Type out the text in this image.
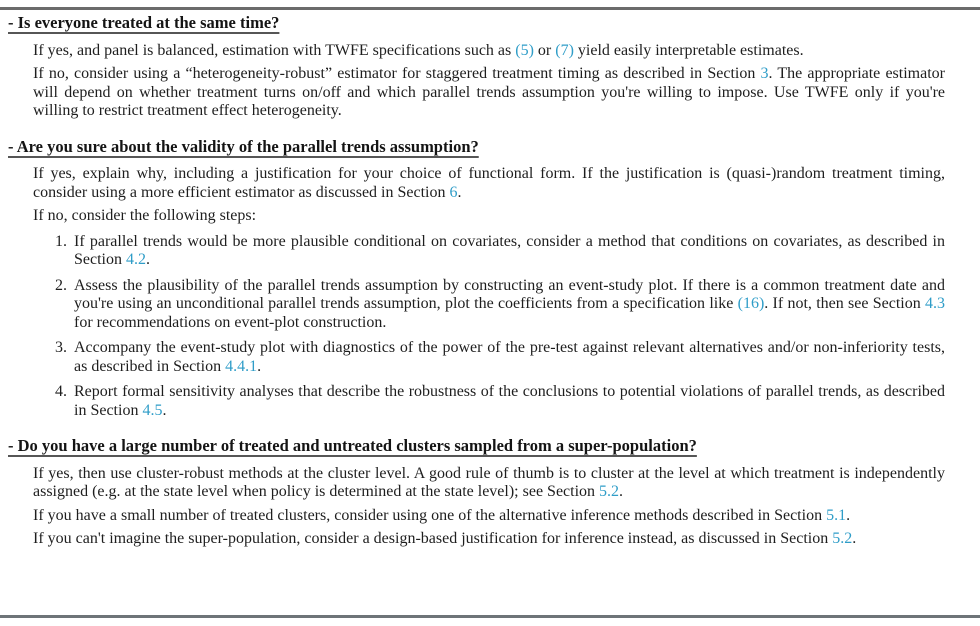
- Is everyone treated at the same time?

If yes, and panel is balanced, estimation with TWFE specifications such as (5) or (7) yield easily interpretable estimates.

If no, consider using a “heterogeneity-robust” estimator for staggered treatment timing as described in Section 3. The appropriate estimator will depend on whether treatment turns on/off and which parallel trends assumption you're willing to impose. Use TWFE only if you're willing to restrict treatment effect heterogeneity.

- Are you sure about the validity of the parallel trends assumption?

If yes, explain why, including a justification for your choice of functional form. If the justification is (quasi-)random treatment timing, consider using a more efficient estimator as discussed in Section 6.

If no, consider the following steps:

1. If parallel trends would be more plausible conditional on covariates, consider a method that conditions on covariates, as described in Section 4.2.
2. Assess the plausibility of the parallel trends assumption by constructing an event-study plot. If there is a common treatment date and you're using an unconditional parallel trends assumption, plot the coefficients from a specification like (16). If not, then see Section 4.3 for recommendations on event-plot construction.
3. Accompany the event-study plot with diagnostics of the power of the pre-test against relevant alternatives and/or non-inferiority tests, as described in Section 4.4.1.
4. Report formal sensitivity analyses that describe the robustness of the conclusions to potential violations of parallel trends, as described in Section 4.5.
- Do you have a large number of treated and untreated clusters sampled from a super-population?

If yes, then use cluster-robust methods at the cluster level. A good rule of thumb is to cluster at the level at which treatment is independently assigned (e.g. at the state level when policy is determined at the state level); see Section 5.2.

If you have a small number of treated clusters, consider using one of the alternative inference methods described in Section 5.1.

If you can't imagine the super-population, consider a design-based justification for inference instead, as discussed in Section 5.2.
